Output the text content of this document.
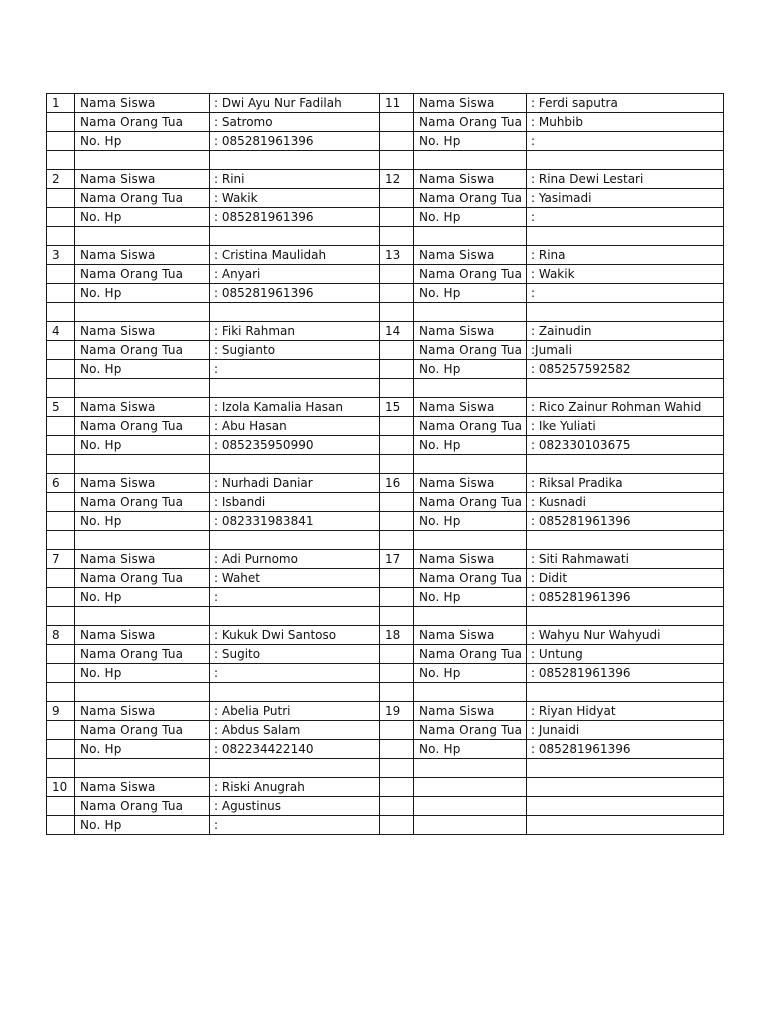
1	Nama Siswa	: Dwi Ayu Nur Fadilah	11	Nama Siswa	: Ferdi saputra
	Nama Orang Tua	: Satromo		Nama Orang Tua	: Muhbib
	No. Hp	: 085281961396		No. Hp	:

2	Nama Siswa	: Rini	12	Nama Siswa	: Rina Dewi Lestari
	Nama Orang Tua	: Wakik		Nama Orang Tua	: Yasimadi
	No. Hp	: 085281961396		No. Hp	:

3	Nama Siswa	: Cristina Maulidah	13	Nama Siswa	: Rina
	Nama Orang Tua	: Anyari		Nama Orang Tua	: Wakik
	No. Hp	: 085281961396		No. Hp	:

4	Nama Siswa	: Fiki Rahman	14	Nama Siswa	: Zainudin
	Nama Orang Tua	: Sugianto		Nama Orang Tua	:Jumali
	No. Hp	:		No. Hp	: 085257592582

5	Nama Siswa	: Izola Kamalia Hasan	15	Nama Siswa	: Rico Zainur Rohman Wahid
	Nama Orang Tua	: Abu Hasan		Nama Orang Tua	: Ike Yuliati
	No. Hp	: 085235950990		No. Hp	: 082330103675

6	Nama Siswa	: Nurhadi Daniar	16	Nama Siswa	: Riksal Pradika
	Nama Orang Tua	: Isbandi		Nama Orang Tua	: Kusnadi
	No. Hp	: 082331983841		No. Hp	: 085281961396

7	Nama Siswa	: Adi Purnomo	17	Nama Siswa	: Siti Rahmawati
	Nama Orang Tua	: Wahet		Nama Orang Tua	: Didit
	No. Hp	:		No. Hp	: 085281961396

8	Nama Siswa	: Kukuk Dwi Santoso	18	Nama Siswa	: Wahyu Nur Wahyudi
	Nama Orang Tua	: Sugito		Nama Orang Tua	: Untung
	No. Hp	:		No. Hp	: 085281961396

9	Nama Siswa	: Abelia Putri	19	Nama Siswa	: Riyan Hidyat
	Nama Orang Tua	: Abdus Salam		Nama Orang Tua	: Junaidi
	No. Hp	: 082234422140		No. Hp	: 085281961396

10	Nama Siswa	: Riski Anugrah			
	Nama Orang Tua	: Agustinus			
	No. Hp	:			
